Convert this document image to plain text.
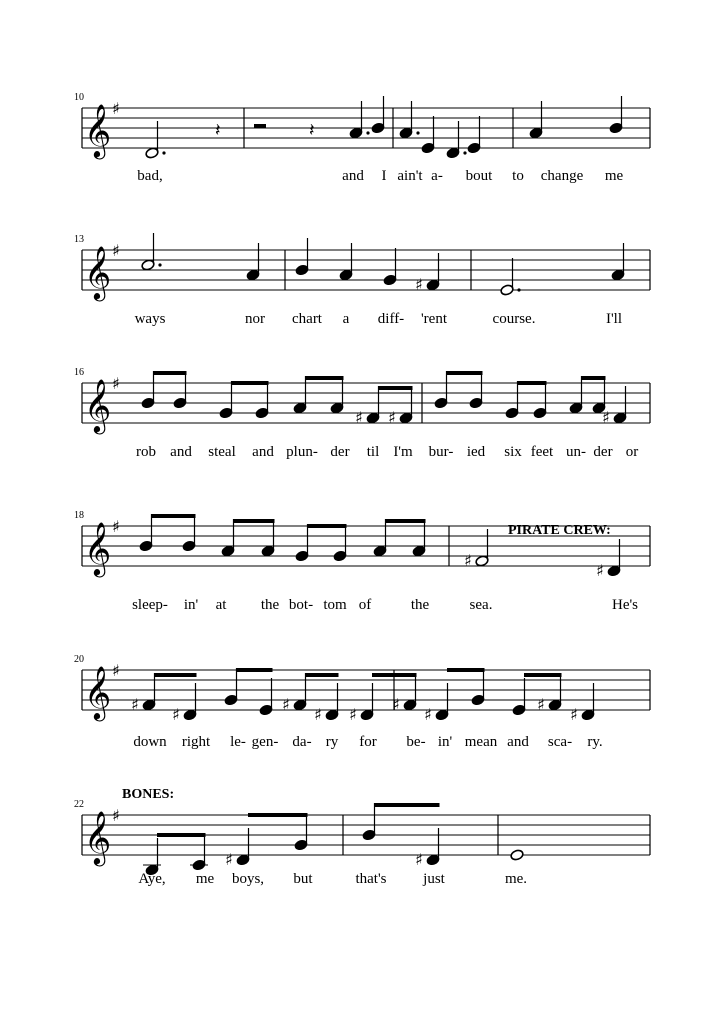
𝄞 ♯
10
𝄽	𝄽
bad,	and I ain't a- bout to change me
𝄞 ♯
13
♯
ways	nor chart a diff- 'rent	course.	I'll
𝄞 ♯
16
♯ ♯	♯
rob and steal and plun- der til I'm bur- ied six feet un- der or
𝄞 ♯
18
PIRATE CREW:
♯
♯
sleep- in' at the bot- tom of	the	sea.	He's
𝄞 ♯
20
♯
♯
♯
♯ ♯
♯
♯
♯
♯
down right le- gen- da- ry for be- in' mean and sca- ry.
𝄞 ♯
22
BONES:
♯	♯
Aye, me boys, but	that's just	me.
